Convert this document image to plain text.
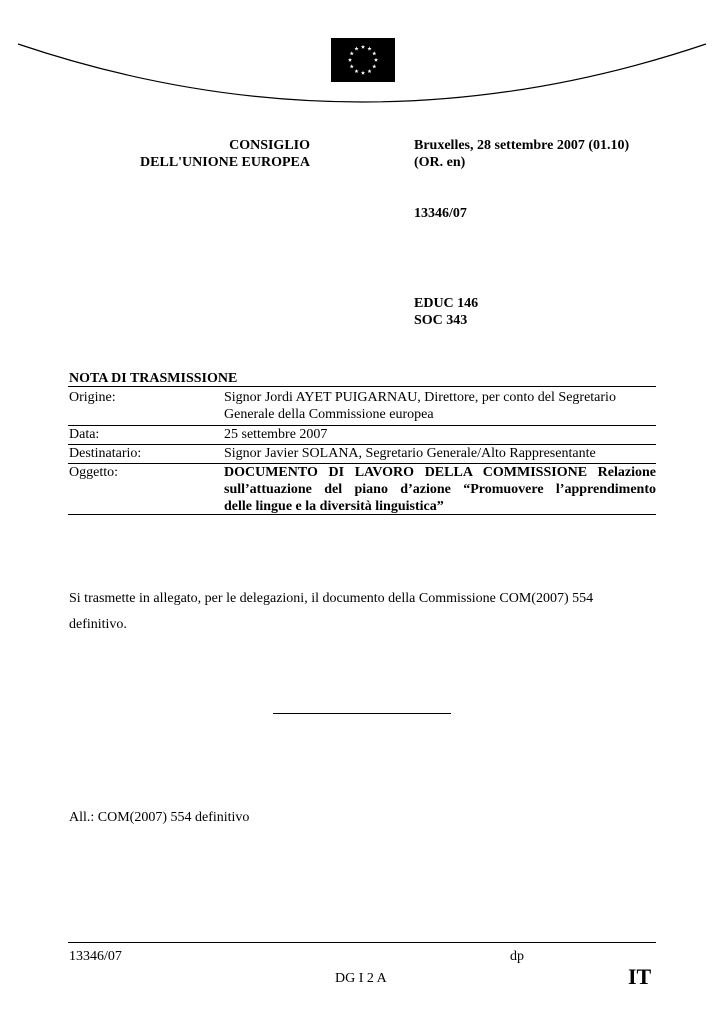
CONSIGLIO
DELL'UNIONE EUROPEA
Bruxelles, 28 settembre 2007 (01.10)
(OR. en)
13346/07
EDUC 146
SOC 343
NOTA DI TRASMISSIONE
Origine:	Signor Jordi AYET PUIGARNAU, Direttore, per conto del Segretario
Generale della Commissione europea
Data:	25 settembre 2007
Destinatario:	Signor Javier SOLANA, Segretario Generale/Alto Rappresentante
Oggetto:	DOCUMENTO DI LAVORO DELLA COMMISSIONE Relazione
sull’attuazione del piano d’azione “Promuovere l’apprendimento
delle lingue e la diversità linguistica”
Si trasmette in allegato, per le delegazioni, il documento della Commissione COM(2007) 554
definitivo.
All.: COM(2007) 554 definitivo
13346/07	dp
DG I 2 A	IT
